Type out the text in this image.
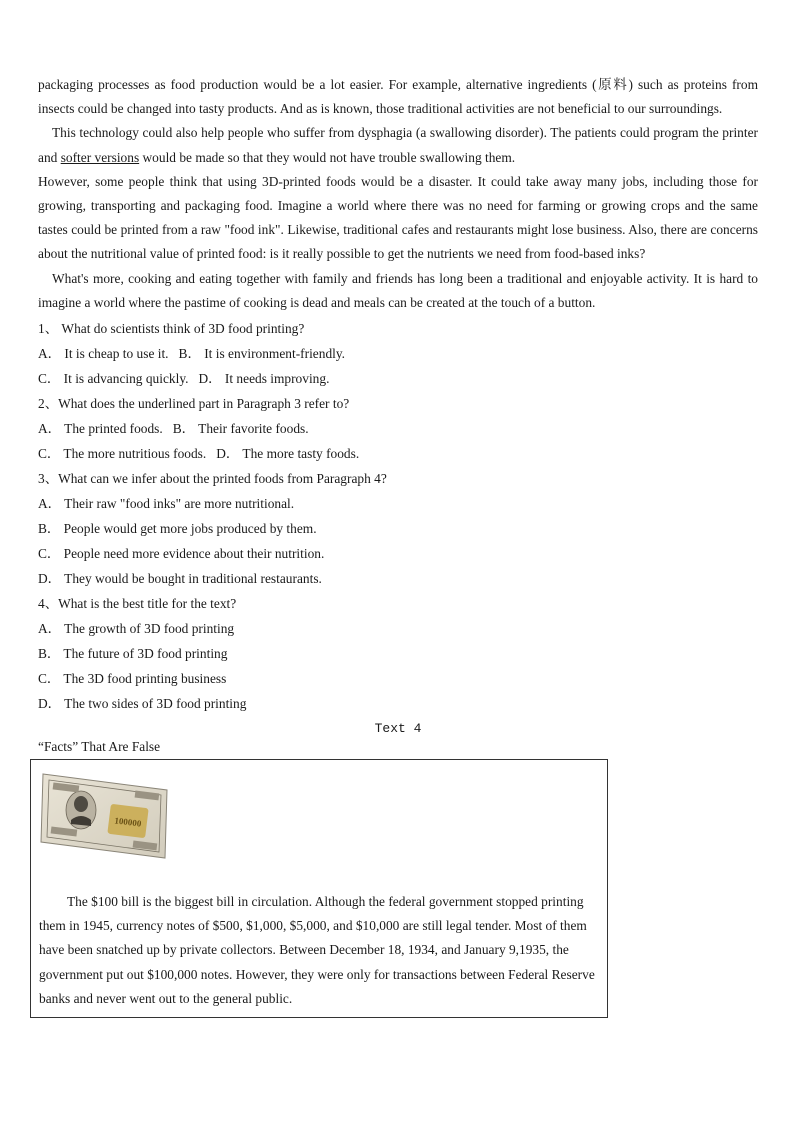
packaging processes as food production would be a lot easier. For example, alternative ingredients (原料) such as proteins from insects could be changed into tasty products. And as is known, those traditional activities are not beneficial to our surroundings.

This technology could also help people who suffer from dysphagia (a swallowing disorder). The patients could program the printer and softer versions would be made so that they would not have trouble swallowing them.

However, some people think that using 3D-printed foods would be a disaster. It could take away many jobs, including those for growing, transporting and packaging food. Imagine a world where there was no need for farming or growing crops and the same tastes could be printed from a raw "food ink". Likewise, traditional cafes and restaurants might lose business. Also, there are concerns about the nutritional value of printed food: is it really possible to get the nutrients we need from food-based inks?

What's more, cooking and eating together with family and friends has long been a traditional and enjoyable activity. It is hard to imagine a world where the pastime of cooking is dead and meals can be created at the touch of a button.

1、 What do scientists think of 3D food printing?
A． It is cheap to use it. B． It is environment-friendly.
C． It is advancing quickly. D． It needs improving.
2、What does the underlined part in Paragraph 3 refer to?
A． The printed foods. B． Their favorite foods.
C． The more nutritious foods. D． The more tasty foods.
3、What can we infer about the printed foods from Paragraph 4?
A． Their raw "food inks" are more nutritional.
B． People would get more jobs produced by them.
C． People need more evidence about their nutrition.
D． They would be bought in traditional restaurants.
4、What is the best title for the text?
A． The growth of 3D food printing
B． The future of 3D food printing
C． The 3D food printing business
D． The two sides of 3D food printing
Text 4
“Facts” That Are False
100000

The $100 bill is the biggest bill in circulation. Although the federal government stopped printing them in 1945, currency notes of $500, $1,000, $5,000, and $10,000 are still legal tender. Most of them have been snatched up by private collectors. Between December 18, 1934, and January 9,1935, the government put out $100,000 notes. However, they were only for transactions between Federal Reserve banks and never went out to the general public.
